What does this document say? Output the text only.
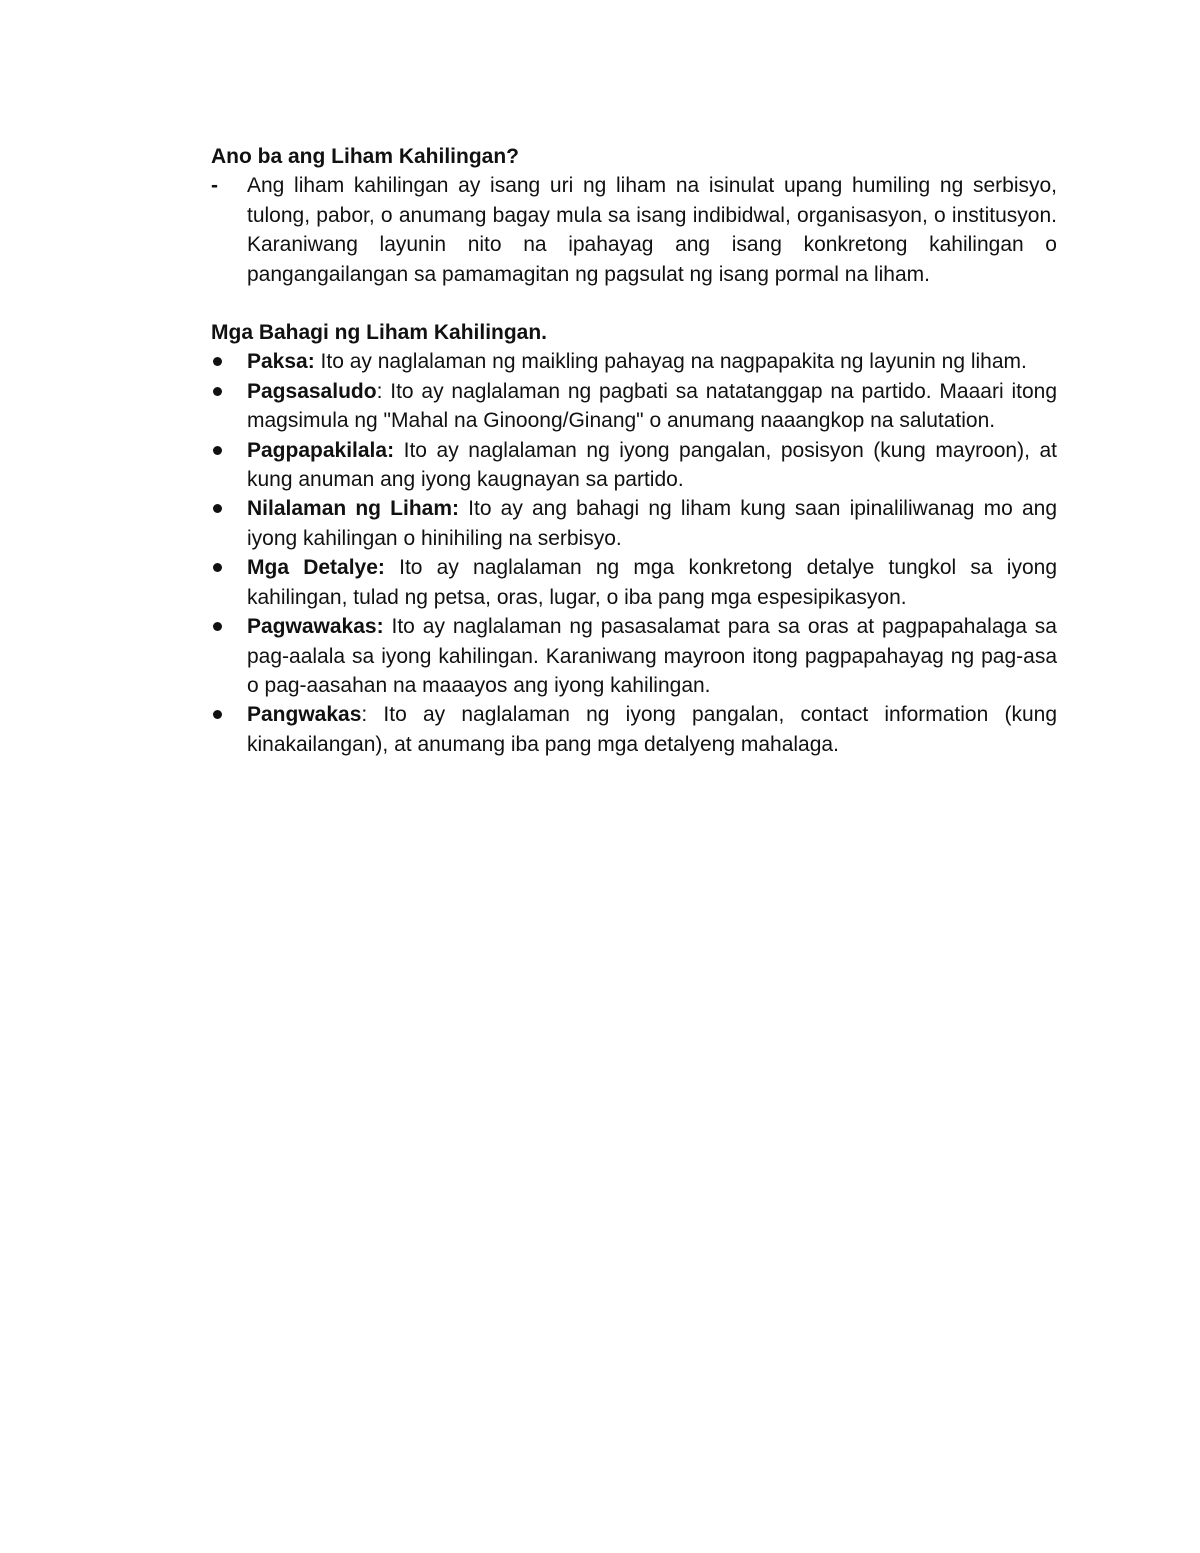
Ano ba ang Liham Kahilingan?

-	Ang liham kahilingan ay isang uri ng liham na isinulat upang humiling ng serbisyo, tulong, pabor, o anumang bagay mula sa isang indibidwal, organisasyon, o institusyon. Karaniwang layunin nito na ipahayag ang isang konkretong kahilingan o pangangailangan sa pamamagitan ng pagsulat ng isang pormal na liham.

Mga Bahagi ng Liham Kahilingan.

Paksa: Ito ay naglalaman ng maikling pahayag na nagpapakita ng layunin ng liham.
Pagsasaludo: Ito ay naglalaman ng pagbati sa natatanggap na partido. Maaari itong magsimula ng "Mahal na Ginoong/Ginang" o anumang naaangkop na salutation.
Pagpapakilala: Ito ay naglalaman ng iyong pangalan, posisyon (kung mayroon), at kung anuman ang iyong kaugnayan sa partido.
Nilalaman ng Liham: Ito ay ang bahagi ng liham kung saan ipinaliliwanag mo ang iyong kahilingan o hinihiling na serbisyo.
Mga Detalye: Ito ay naglalaman ng mga konkretong detalye tungkol sa iyong kahilingan, tulad ng petsa, oras, lugar, o iba pang mga espesipikasyon.
Pagwawakas: Ito ay naglalaman ng pasasalamat para sa oras at pagpapahalaga sa pag-aalala sa iyong kahilingan. Karaniwang mayroon itong pagpapahayag ng pag-asa o pag-aasahan na maaayos ang iyong kahilingan.
Pangwakas: Ito ay naglalaman ng iyong pangalan, contact information (kung kinakailangan), at anumang iba pang mga detalyeng mahalaga.
